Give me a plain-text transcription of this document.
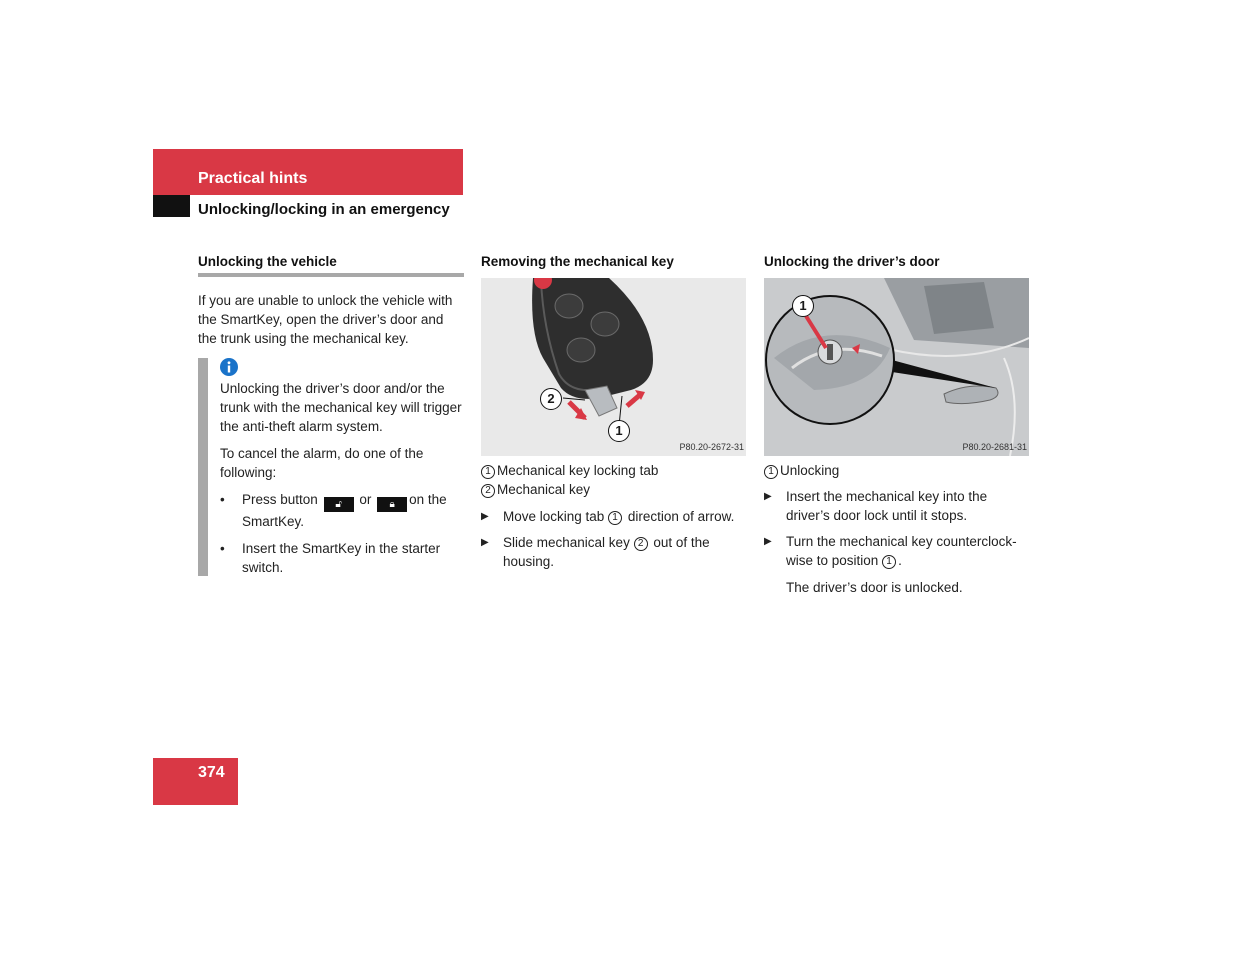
Practical hints
Unlocking/locking in an emergency
Unlocking the vehicle

If you are unable to unlock the vehicle with the SmartKey, open the driver’s door and the trunk using the mechanical key.

Unlocking the driver’s door and/or the trunk with the mechanical key will trigger the anti-theft alarm system.

To cancel the alarm, do one of the following:

•	Press button 🔓︎ or 🔒︎ on the SmartKey.
•	Insert the SmartKey in the starter switch.
Removing the mechanical key
2
1
P80.20-2672-31
1 Mechanical key locking tab
2 Mechanical key
▶	Move locking tab 1 direction of arrow.
▶	Slide mechanical key 2 out of the housing.
Unlocking the driver’s door
1
P80.20-2681-31
1 Unlocking
▶	Insert the mechanical key into the driver’s door lock until it stops.
▶	Turn the mechanical key counterclock-wise to position 1 .
The driver’s door is unlocked.
374
